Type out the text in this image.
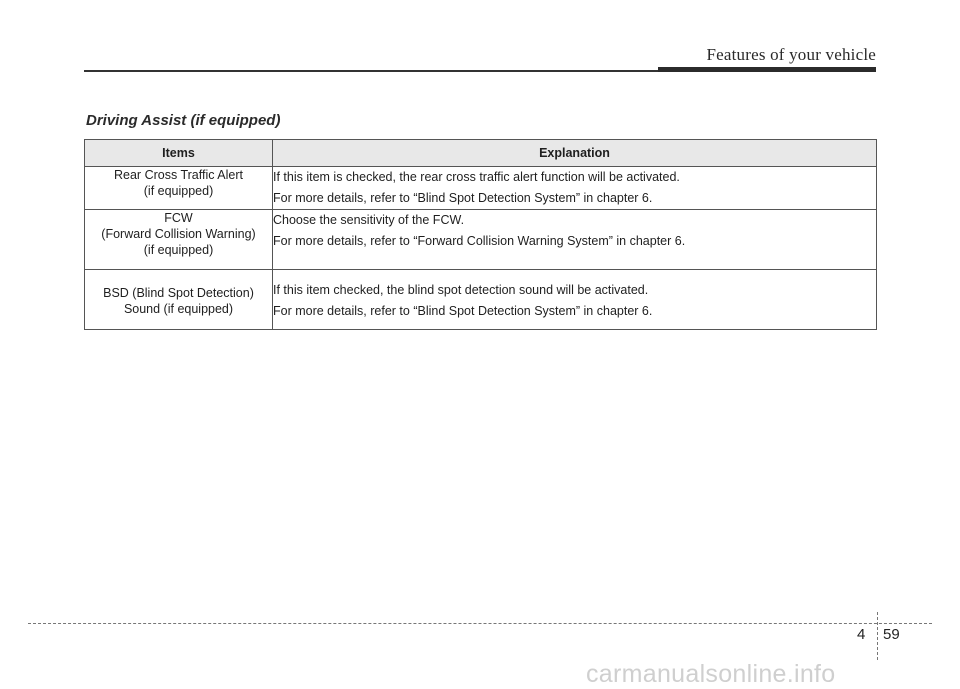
Features of your vehicle
Driving Assist (if equipped)
Items	Explanation

Rear Cross Traffic Alert
(if equipped)	If this item is checked, the rear cross traffic alert function will be activated.
For more details, refer to “Blind Spot Detection System” in chapter 6.

FCW
(Forward Collision Warning)
(if equipped)	Choose the sensitivity of the FCW.
For more details, refer to “Forward Collision Warning System” in chapter 6.

BSD (Blind Spot Detection)
Sound (if equipped)	If this item checked, the blind spot detection sound will be activated.
For more details, refer to “Blind Spot Detection System” in chapter 6.
4 59
carmanualsonline.info
